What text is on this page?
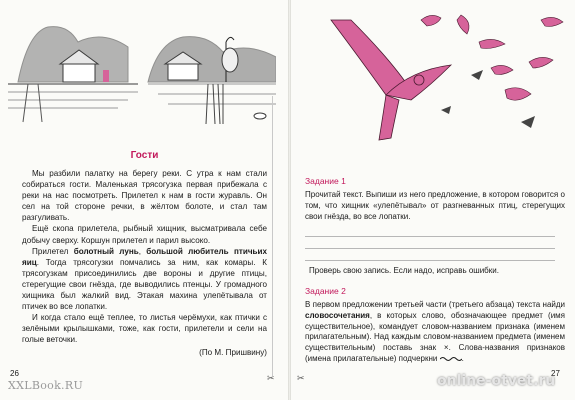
Гости

Мы разбили палатку на берегу реки. С утра к нам стали собираться гости. Маленькая трясогузка первая прибежала с реки на нас посмотреть. Прилетел к нам в гости журавль. Он сел на той стороне речки, в жёлтом болоте, и стал там разгуливать.

Ещё скопа прилетела, рыбный хищник, высматривала себе добычу сверху. Коршун прилетел и парил высоко.

Прилетел болотный лунь, большой любитель птичьих яиц. Тогда трясогузки помчались за ним, как комары. К трясогузкам присоединились две вороны и другие птицы, стерегущие свои гнёзда, где выводились птенцы. У громадного хищника был жалкий вид. Этакая махина улепётывала от птичек во все лопатки.

И когда стало ещё теплее, то листья черёмухи, как птички с зелёными крылышками, тоже, как гости, прилетели и сели на голые веточки.

(По М. Пришвину)
26	✂
XXLBook.RU
Задание 1
Прочитай текст. Выпиши из него предложение, в котором говорится о том, что хищник «улепётывал» от разгневанных птиц, стерегущих свои гнёзда, во все лопатки.
Проверь свою запись. Если надо, исправь ошибки.
Задание 2
В первом предложении третьей части (третьего абзаца) текста найди словосочетания, в которых слово, обозначающее предмет (имя существительное), командует словом-названием признака (именем прилагательным). Над каждым словом-названием предмета (именем существительным) поставь знак ×. Слова-названия признаков (имена прилагательные) подчеркни	.
✂	online-otvet.ru
27
